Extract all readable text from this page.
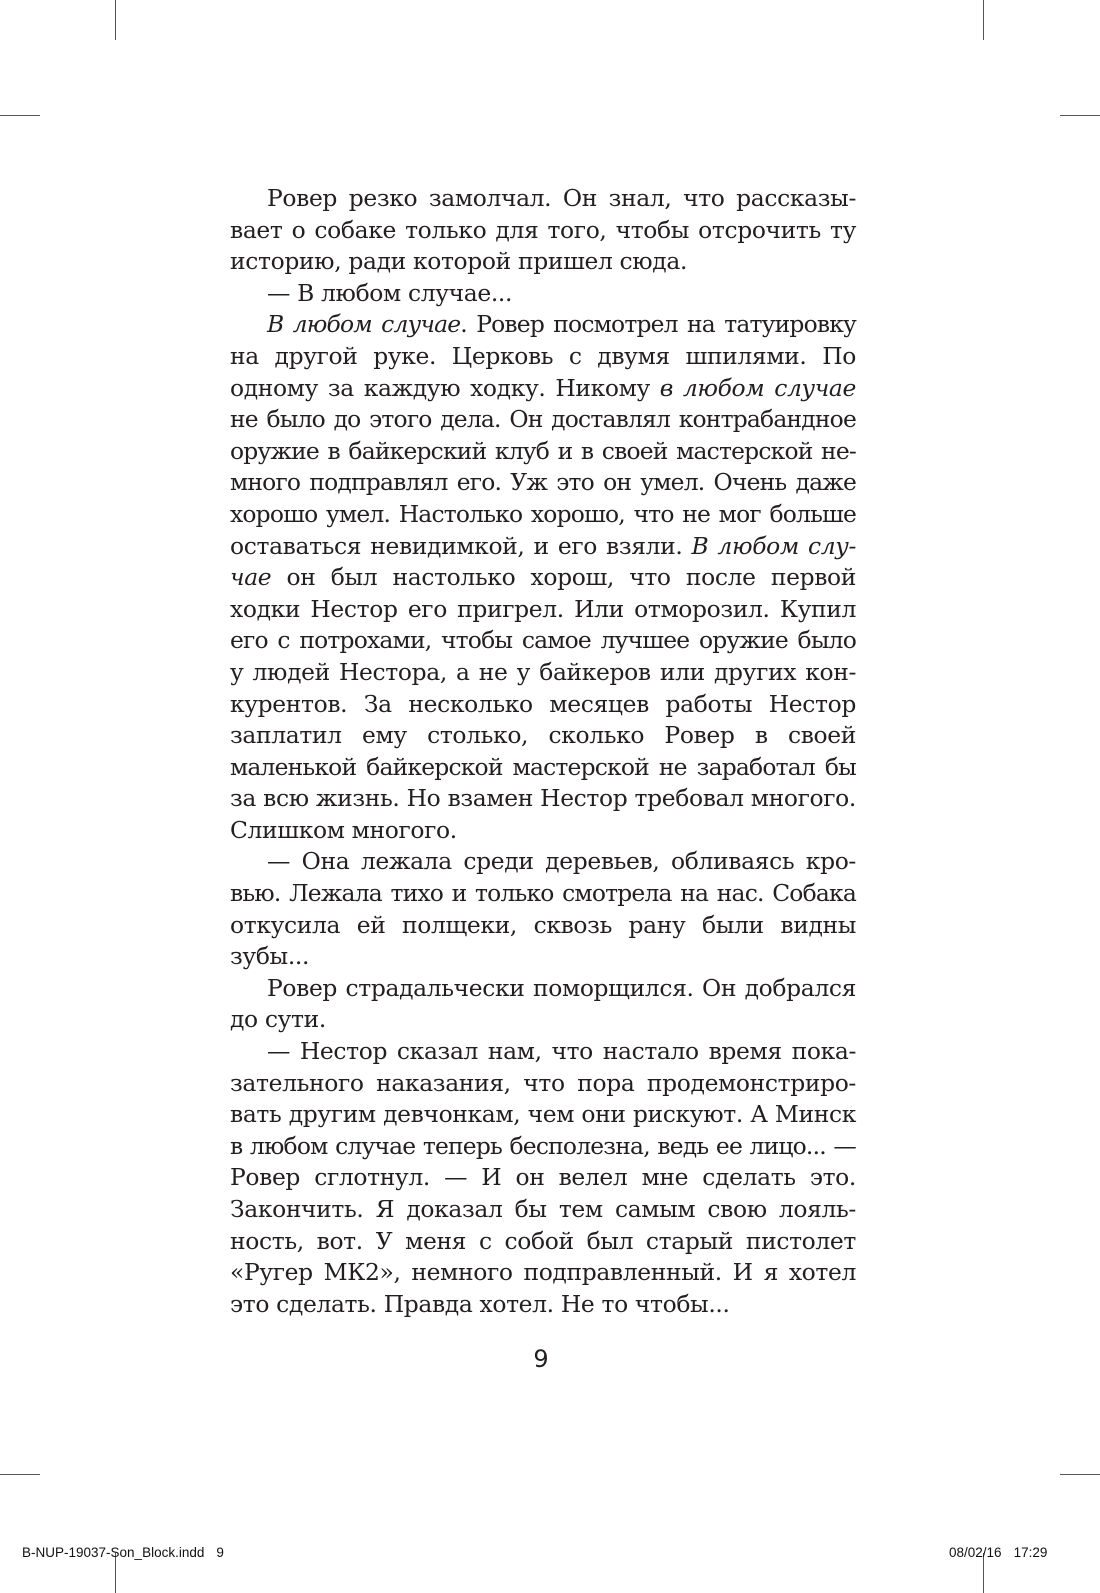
Ровер резко замолчал. Он знал, что рассказы-
вает о собаке только для того, чтобы отсрочить ту
историю, ради которой пришел сюда.
— В любом случае...
В любом случае. Ровер посмотрел на татуировку
на другой руке. Церковь с двумя шпилями. По
одному за каждую ходку. Никому в любом случае
не было до этого дела. Он доставлял контрабандное
оружие в байкерский клуб и в своей мастерской не-
много подправлял его. Уж это он умел. Очень даже
хорошо умел. Настолько хорошо, что не мог больше
оставаться невидимкой, и его взяли. В любом слу-
чае он был настолько хорош, что после первой
ходки Нестор его пригрел. Или отморозил. Купил
его с потрохами, чтобы самое лучшее оружие было
у людей Нестора, а не у байкеров или других кон-
курентов. За несколько месяцев работы Нестор
заплатил ему столько, сколько Ровер в своей
маленькой байкерской мастерской не заработал бы
за всю жизнь. Но взамен Нестор требовал многого.
Слишком многого.
— Она лежала среди деревьев, обливаясь кро-
вью. Лежала тихо и только смотрела на нас. Собака
откусила ей полщеки, сквозь рану были видны
зубы...
Ровер страдальчески поморщился. Он добрался
до сути.
— Нестор сказал нам, что настало время пока-
зательного наказания, что пора продемонстриро-
вать другим девчонкам, чем они рискуют. А Минск
в любом случае теперь бесполезна, ведь ее лицо... —
Ровер сглотнул. — И он велел мне сделать это.
Закончить. Я доказал бы тем самым свою лояль-
ность, вот. У меня с собой был старый пистолет
«Ругер МК2», немного подправленный. И я хотел
это сделать. Правда хотел. Не то чтобы...
9
B-NUP-19037-Son_Block.indd 9	08/02/16 17:29
